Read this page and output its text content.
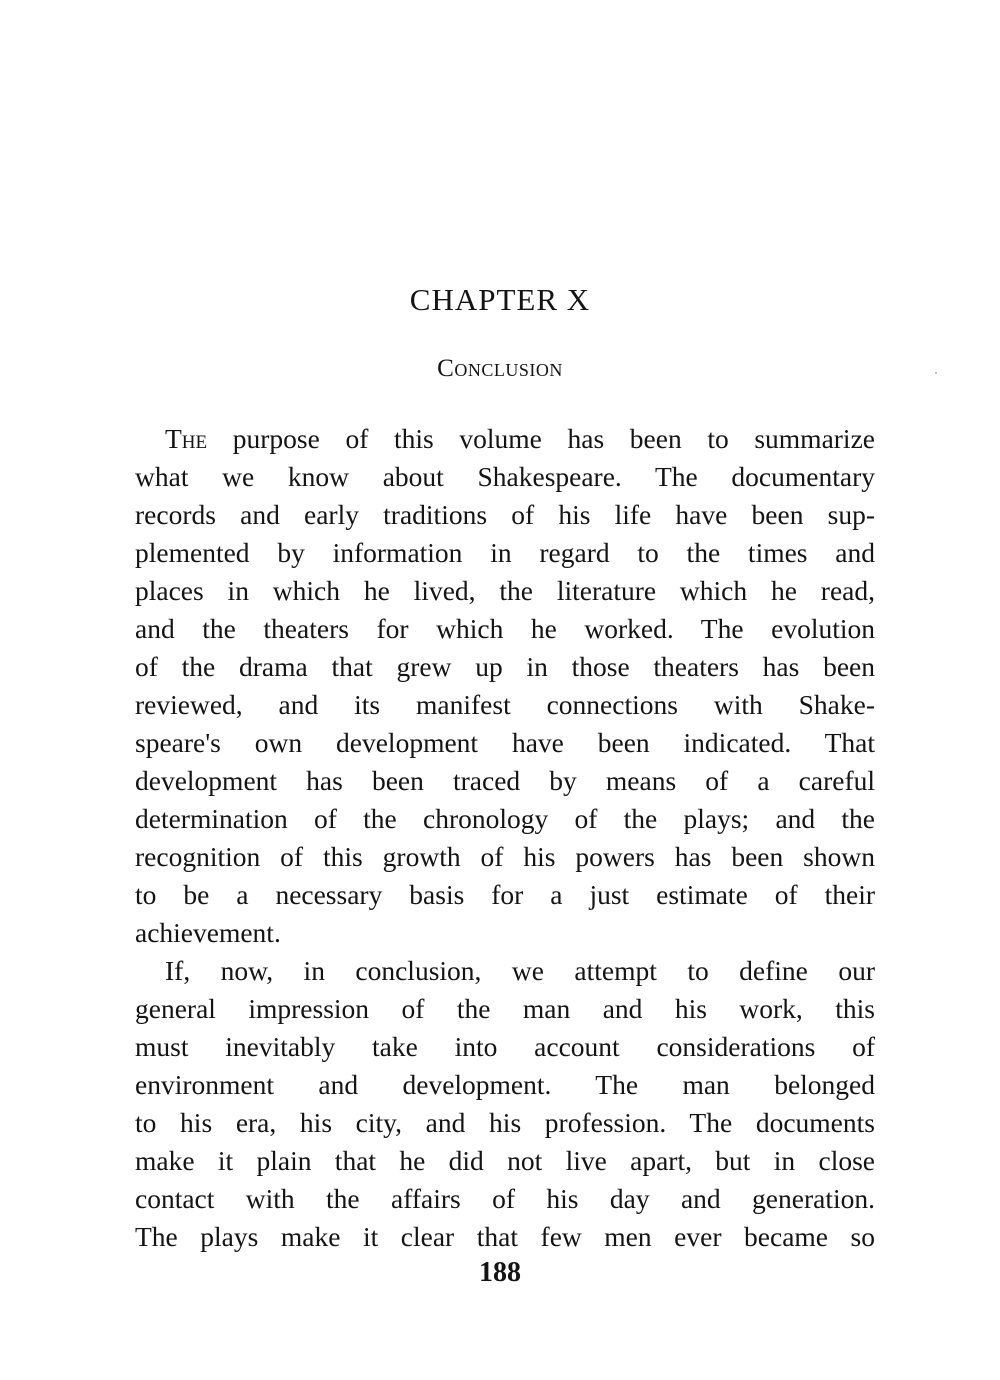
CHAPTER X
Conclusion
The purpose of this volume has been to summarize
what we know about Shakespeare. The documentary
records and early traditions of his life have been sup-
plemented by information in regard to the times and
places in which he lived, the literature which he read,
and the theaters for which he worked. The evolution
of the drama that grew up in those theaters has been
reviewed, and its manifest connections with Shake-
speare's own development have been indicated. That
development has been traced by means of a careful
determination of the chronology of the plays; and the
recognition of this growth of his powers has been shown
to be a necessary basis for a just estimate of their
achievement.
If, now, in conclusion, we attempt to define our
general impression of the man and his work, this
must inevitably take into account considerations of
environment and development. The man belonged
to his era, his city, and his profession. The documents
make it plain that he did not live apart, but in close
contact with the affairs of his day and generation.
The plays make it clear that few men ever became so
188
